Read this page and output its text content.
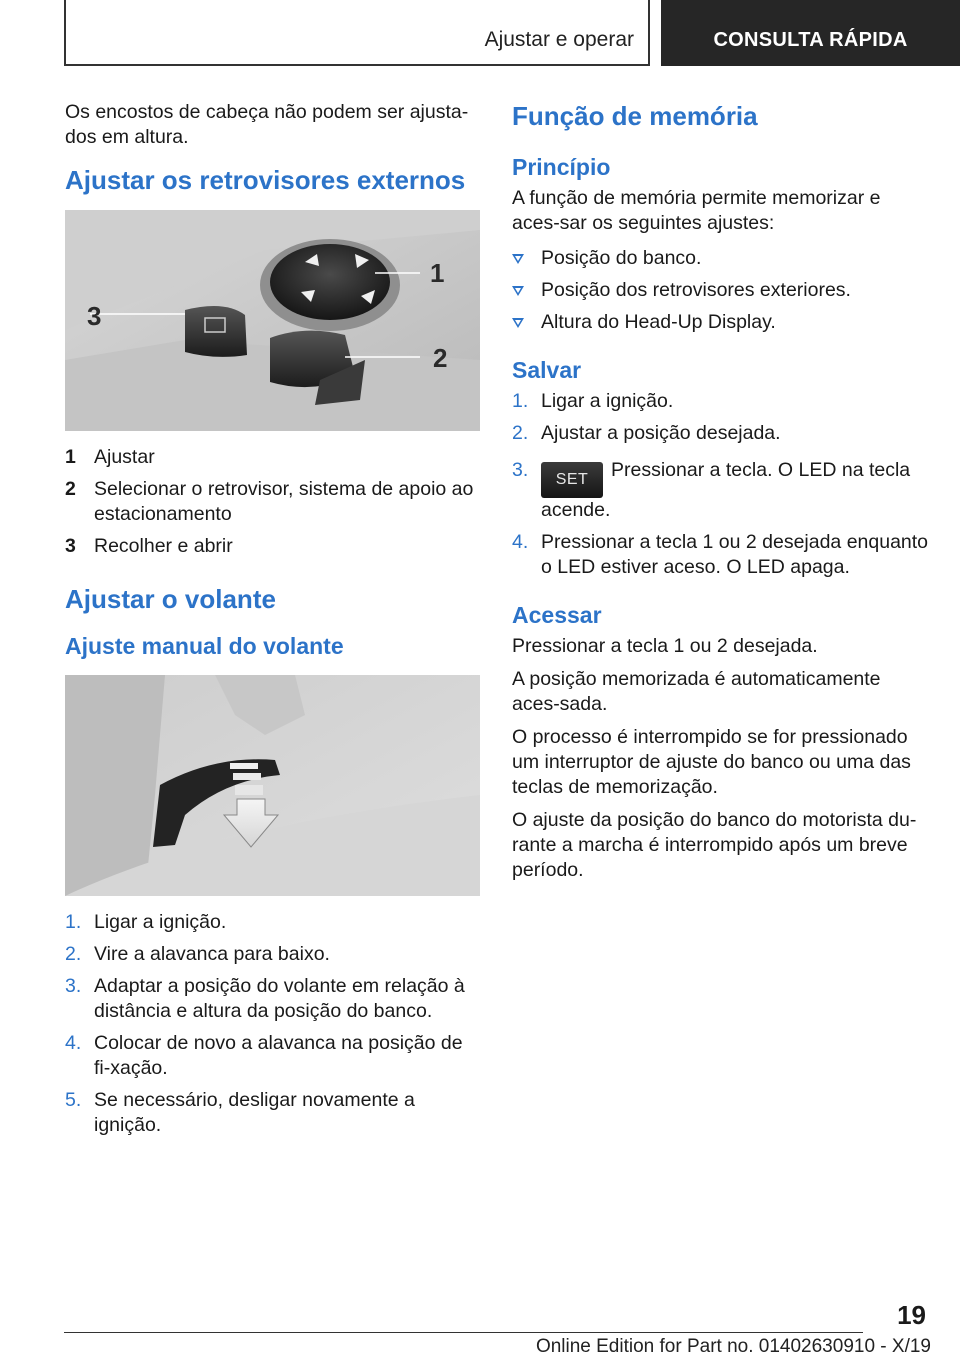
Ajustar e operar	CONSULTA RÁPIDA

Os encostos de cabeça não podem ser ajusta-dos em altura.

Ajustar os retrovisores externos
1
2
3
1 Ajustar
2 Selecionar o retrovisor, sistema de apoio ao estacionamento
3 Recolher e abrir
Ajustar o volante
Ajuste manual do volante
1. Ligar a ignição.
2. Vire a alavanca para baixo.
3. Adaptar a posição do volante em relação à distância e altura da posição do banco.
4. Colocar de novo a alavanca na posição de fi-xação.
5. Se necessário, desligar novamente a ignição.
Função de memória
Princípio

A função de memória permite memorizar e aces-sar os seguintes ajustes:

Posição do banco.
Posição dos retrovisores exteriores.
Altura do Head-Up Display.
Salvar
1. Ligar a ignição.
2. Ajustar a posição desejada.
3. SET Pressionar a tecla. O LED na tecla acende.
4. Pressionar a tecla 1 ou 2 desejada enquanto o LED estiver aceso. O LED apaga.
Acessar

Pressionar a tecla 1 ou 2 desejada.

A posição memorizada é automaticamente aces-sada.

O processo é interrompido se for pressionado um interruptor de ajuste do banco ou uma das teclas de memorização.

O ajuste da posição do banco do motorista du-rante a marcha é interrompido após um breve período.

19
Online Edition for Part no. 01402630910 - X/19
